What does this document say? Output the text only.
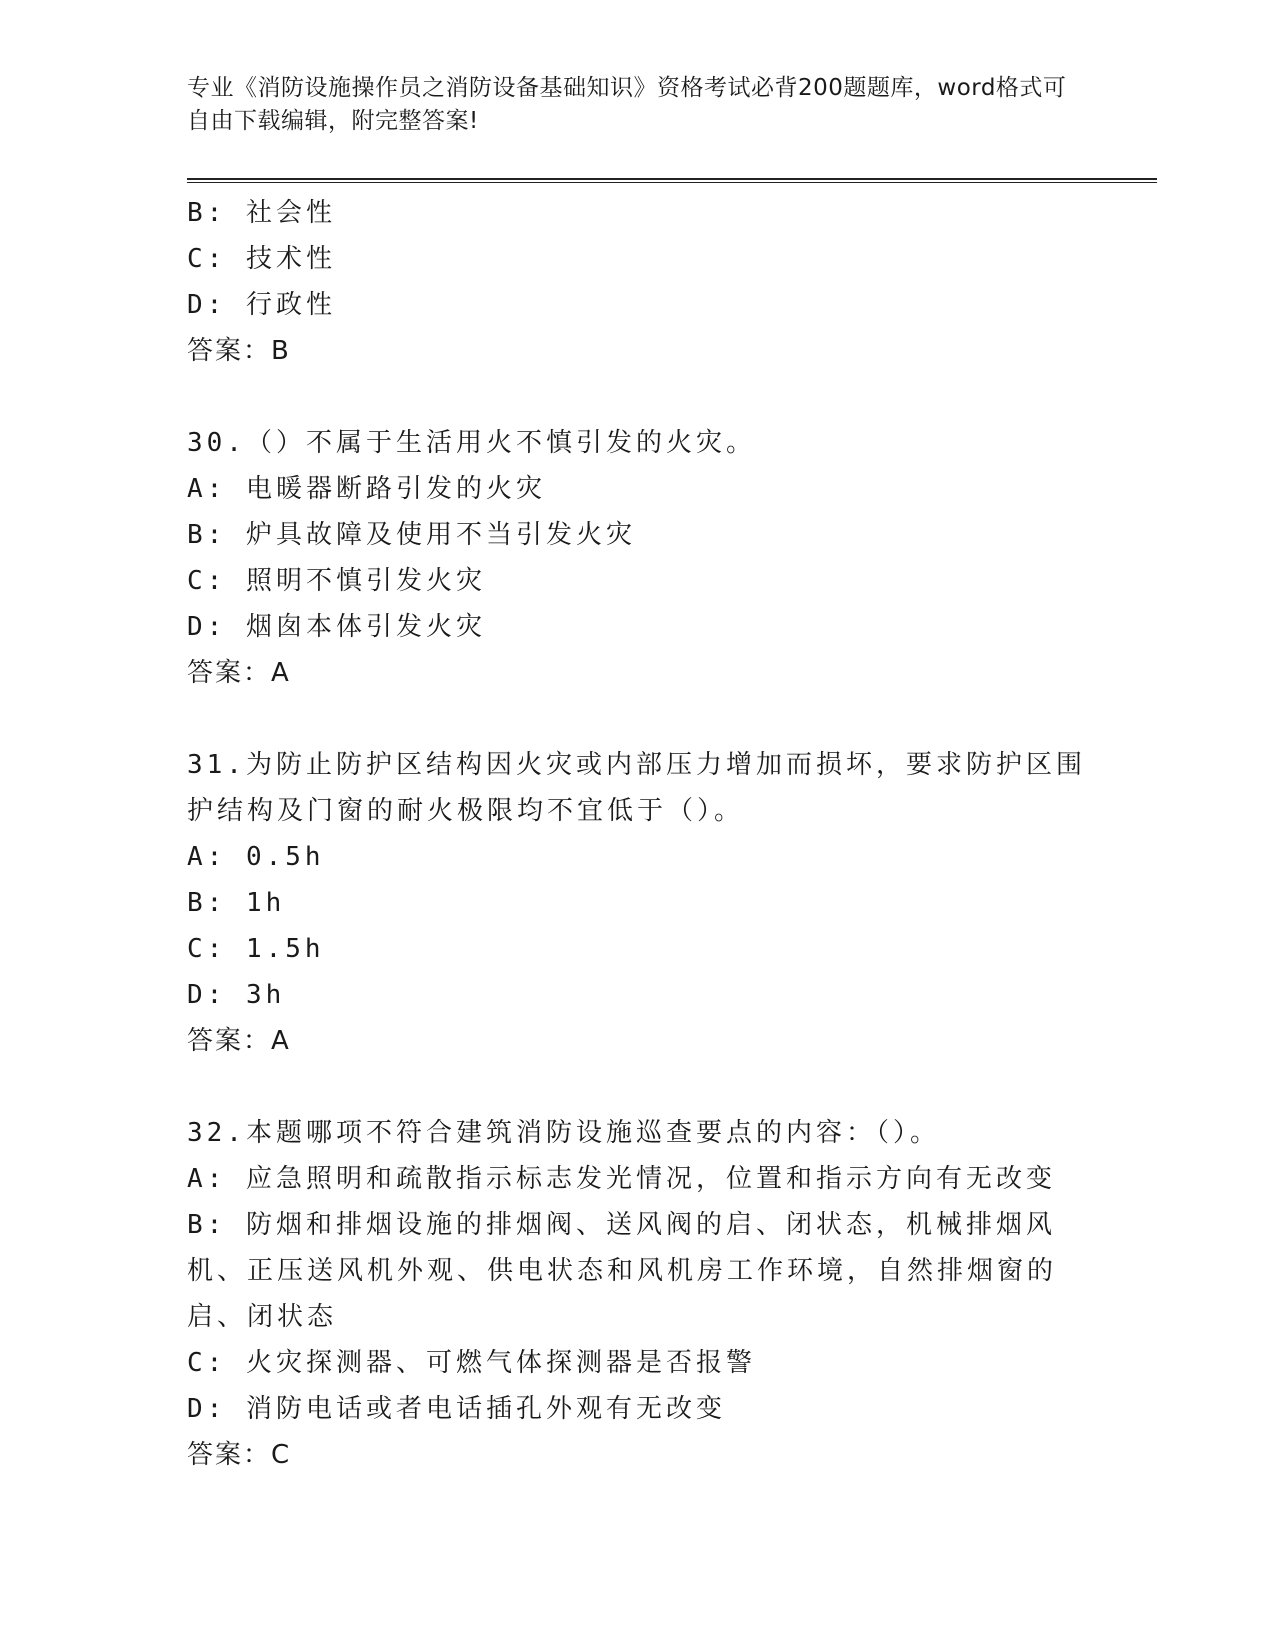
专业《消防设施操作员之消防设备基础知识》资格考试必背200题题库，word格式可自由下载编辑，附完整答案!
B: 社会性
C: 技术性
D: 行政性
答案：B
30.（）不属于生活用火不慎引发的火灾。
A: 电暖器断路引发的火灾
B: 炉具故障及使用不当引发火灾
C: 照明不慎引发火灾
D: 烟囱本体引发火灾
答案：A
31.为防止防护区结构因火灾或内部压力增加而损坏，要求防护区围护结构及门窗的耐火极限均不宜低于（）。
A: 0.5h
B: 1h
C: 1.5h
D: 3h
答案：A
32.本题哪项不符合建筑消防设施巡查要点的内容：（）。
A: 应急照明和疏散指示标志发光情况，位置和指示方向有无改变
B: 防烟和排烟设施的排烟阀、送风阀的启、闭状态，机械排烟风机、正压送风机外观、供电状态和风机房工作环境，自然排烟窗的启、闭状态
C: 火灾探测器、可燃气体探测器是否报警
D: 消防电话或者电话插孔外观有无改变
答案：C
